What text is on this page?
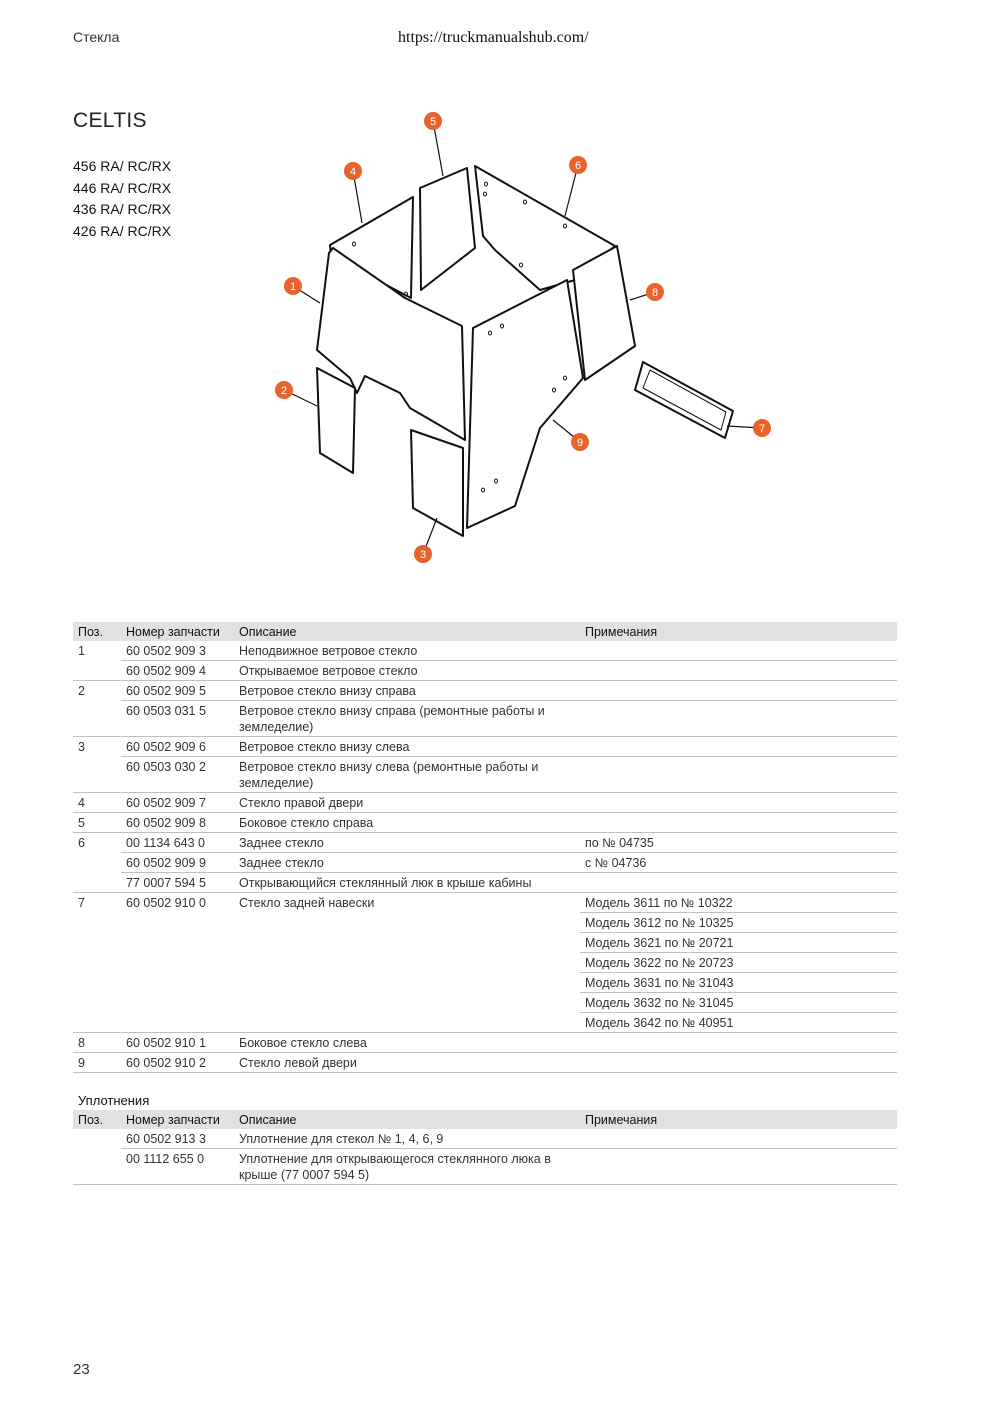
Стекла	https://truckmanualshub.com/
CELTIS
456 RA/ RC/RX
446 RA/ RC/RX
436 RA/ RC/RX
426 RA/ RC/RX
1
2
3
4
5
6
7
8
9
Поз.	Номер запчасти	Описание	Примечания
1	60 0502 909 3	Неподвижное ветровое стекло	
	60 0502 909 4	Открываемое ветровое стекло	
2	60 0502 909 5	Ветровое стекло внизу справа	
	60 0503 031 5	Ветровое стекло внизу справа (ремонтные работы и земледелие)	
3	60 0502 909 6	Ветровое стекло внизу слева	
	60 0503 030 2	Ветровое стекло внизу слева (ремонтные работы и земледелие)	
4	60 0502 909 7	Стекло правой двери	
5	60 0502 909 8	Боковое стекло справа	
6	00 1134 643 0	Заднее стекло	по № 04735
	60 0502 909 9	Заднее стекло	с № 04736
	77 0007 594 5	Открывающийся стеклянный люк в крыше кабины	
7	60 0502 910 0	Стекло задней навески	Модель 3611 по № 10322
			Модель 3612 по № 10325
			Модель 3621 по № 20721
			Модель 3622 по № 20723
			Модель 3631 по № 31043
			Модель 3632 по № 31045
			Модель 3642 по № 40951
8	60 0502 910 1	Боковое стекло слева	
9	60 0502 910 2	Стекло левой двери	
Уплотнения
Поз.	Номер запчасти	Описание	Примечания
	60 0502 913 3	Уплотнение для стекол № 1, 4, 6, 9	
	00 1112 655 0	Уплотнение для открывающегося стеклянного люка в крыше (77 0007 594 5)	
23
